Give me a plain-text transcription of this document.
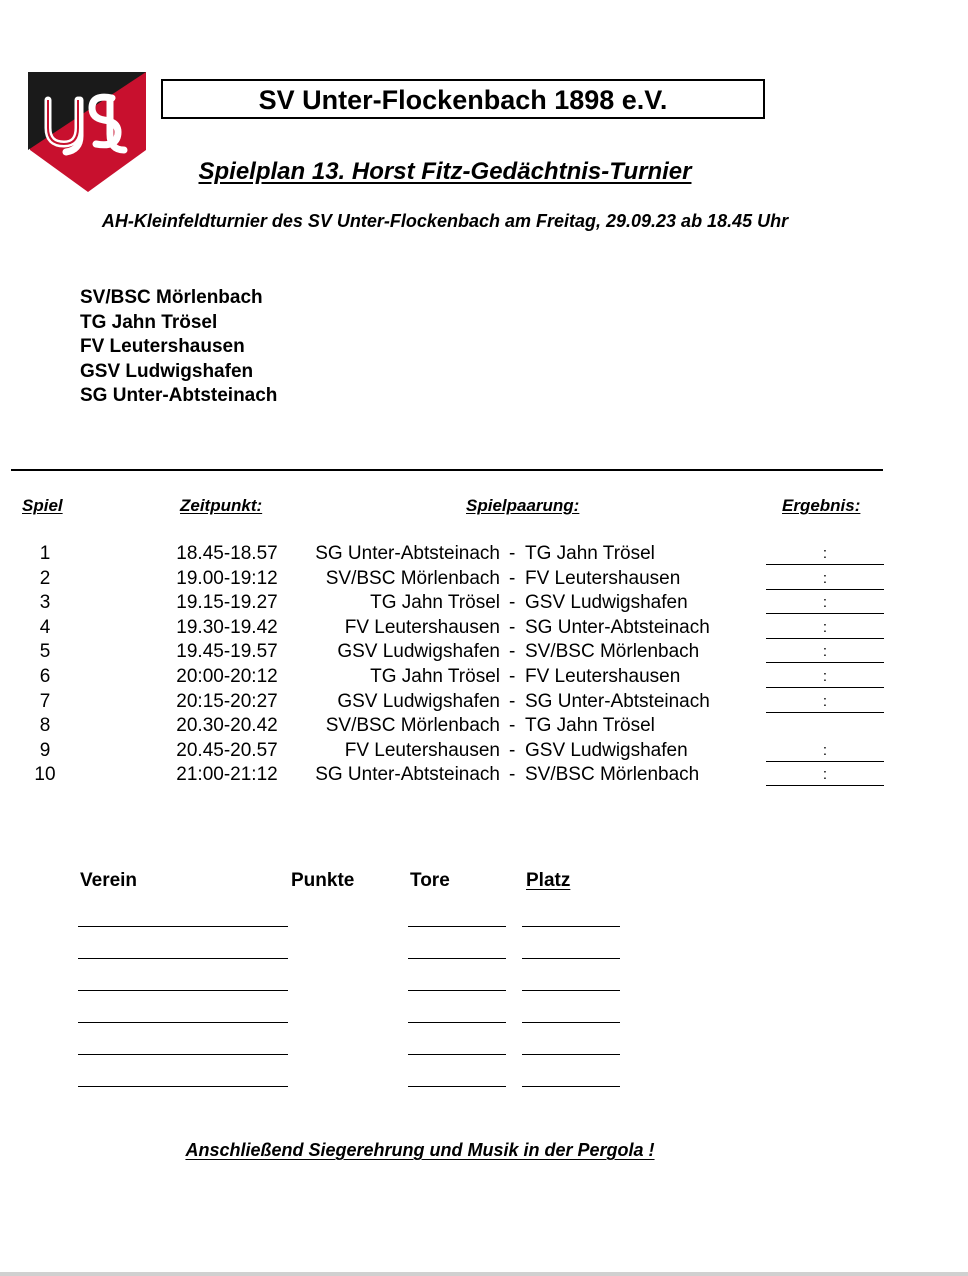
SV Unter-Flockenbach 1898 e.V.
Spielplan 13. Horst Fitz-Gedächtnis-Turnier
AH-Kleinfeldturnier des SV Unter-Flockenbach am Freitag, 29.09.23 ab 18.45 Uhr
SV/BSC Mörlenbach
TG Jahn Trösel
FV Leutershausen
GSV Ludwigshafen
SG Unter-Abtsteinach
Spiel	Zeitpunkt:	Spielpaarung:	Ergebnis:
1	18.45-18.57	SG Unter-Abtsteinach - TG Jahn Trösel	:
2	19.00-19:12	SV/BSC Mörlenbach - FV Leutershausen	:
3	19.15-19.27	TG Jahn Trösel - GSV Ludwigshafen	:
4	19.30-19.42	FV Leutershausen - SG Unter-Abtsteinach	:
5	19.45-19.57	GSV Ludwigshafen - SV/BSC Mörlenbach	:
6	20:00-20:12	TG Jahn Trösel - FV Leutershausen	:
7	20:15-20:27	GSV Ludwigshafen - SG Unter-Abtsteinach	:
8	20.30-20.42	SV/BSC Mörlenbach - TG Jahn Trösel
9	20.45-20.57	FV Leutershausen - GSV Ludwigshafen	:
10	21:00-21:12	SG Unter-Abtsteinach - SV/BSC Mörlenbach	:
Verein	Punkte	Tore	Platz
Anschließend Siegerehrung und Musik in der Pergola !
